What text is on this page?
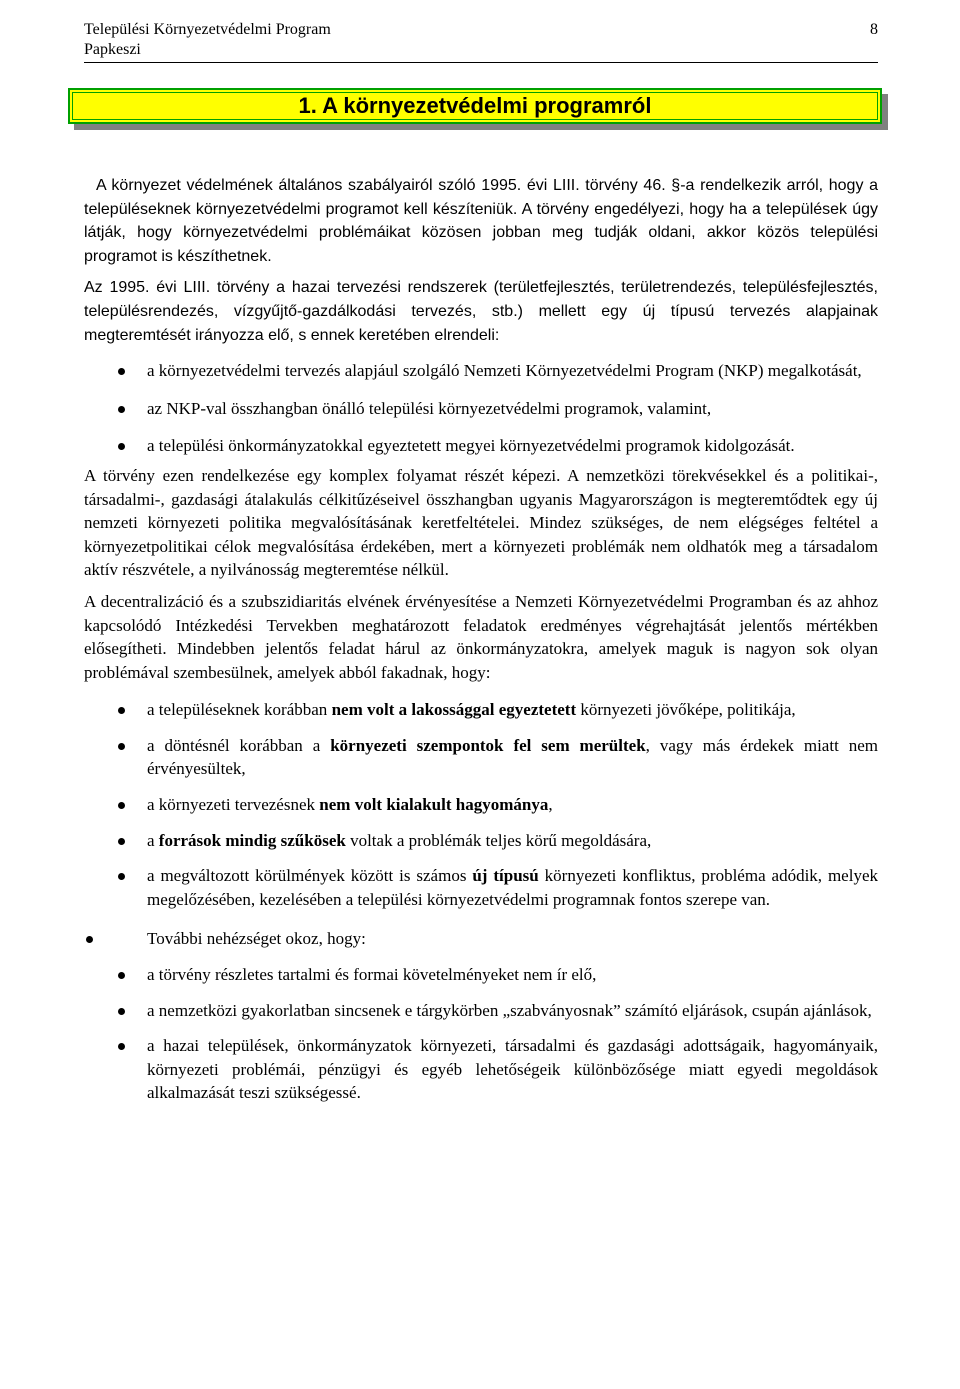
Települési Környezetvédelmi Program
Papkeszi
8
1. A környezetvédelmi programról

A környezet védelmének általános szabályairól szóló 1995. évi LIII. törvény 46. §-a rendelkezik arról, hogy a településeknek környezetvédelmi programot kell készíteniük. A törvény engedélyezi, hogy ha a települések úgy látják, hogy környezetvédelmi problémáikat közösen jobban meg tudják oldani, akkor közös települési programot is készíthetnek.

Az 1995. évi LIII. törvény a hazai tervezési rendszerek (területfejlesztés, területrendezés, településfejlesztés, településrendezés, vízgyűjtő-gazdálkodási tervezés, stb.) mellett egy új típusú tervezés alapjainak megteremtését irányozza elő, s ennek keretében elrendeli:

a környezetvédelmi tervezés alapjául szolgáló Nemzeti Környezetvédelmi Program (NKP) megalkotását,
az NKP-val összhangban önálló települési környezetvédelmi programok, valamint,
a települési önkormányzatokkal egyeztetett megyei környezetvédelmi programok kidolgozását.

A törvény ezen rendelkezése egy komplex folyamat részét képezi. A nemzetközi törekvésekkel és a politikai-, társadalmi-, gazdasági átalakulás célkitűzéseivel összhangban ugyanis Magyarországon is megteremtődtek egy új nemzeti környezeti politika megvalósításának keretfeltételei. Mindez szükséges, de nem elégséges feltétel a környezetpolitikai célok megvalósítása érdekében, mert a környezeti problémák nem oldhatók meg a társadalom aktív részvétele, a nyilvánosság megteremtése nélkül.

A decentralizáció és a szubszidiaritás elvének érvényesítése a Nemzeti Környezetvédelmi Programban és az ahhoz kapcsolódó Intézkedési Tervekben meghatározott feladatok eredményes végrehajtását jelentős mértékben elősegítheti. Mindebben jelentős feladat hárul az önkormányzatokra, amelyek maguk is nagyon sok olyan problémával szembesülnek, amelyek abból fakadnak, hogy:

a településeknek korábban nem volt a lakossággal egyeztetett környezeti jövőképe, politikája,
a döntésnél korábban a környezeti szempontok fel sem merültek, vagy más érdekek miatt nem érvényesültek,
a környezeti tervezésnek nem volt kialakult hagyománya,
a források mindig szűkösek voltak a problémák teljes körű megoldására,
a megváltozott körülmények között is számos új típusú környezeti konfliktus, probléma adódik, melyek megelőzésében, kezelésében a települési környezetvédelmi programnak fontos szerepe van.
További nehézséget okoz, hogy:
a törvény részletes tartalmi és formai követelményeket nem ír elő,
a nemzetközi gyakorlatban sincsenek e tárgykörben „szabványosnak” számító eljárások, csupán ajánlások,
a hazai települések, önkormányzatok környezeti, társadalmi és gazdasági adottságaik, hagyományaik, környezeti problémái, pénzügyi és egyéb lehetőségeik különbözősége miatt egyedi megoldások alkalmazását teszi szükségessé.
